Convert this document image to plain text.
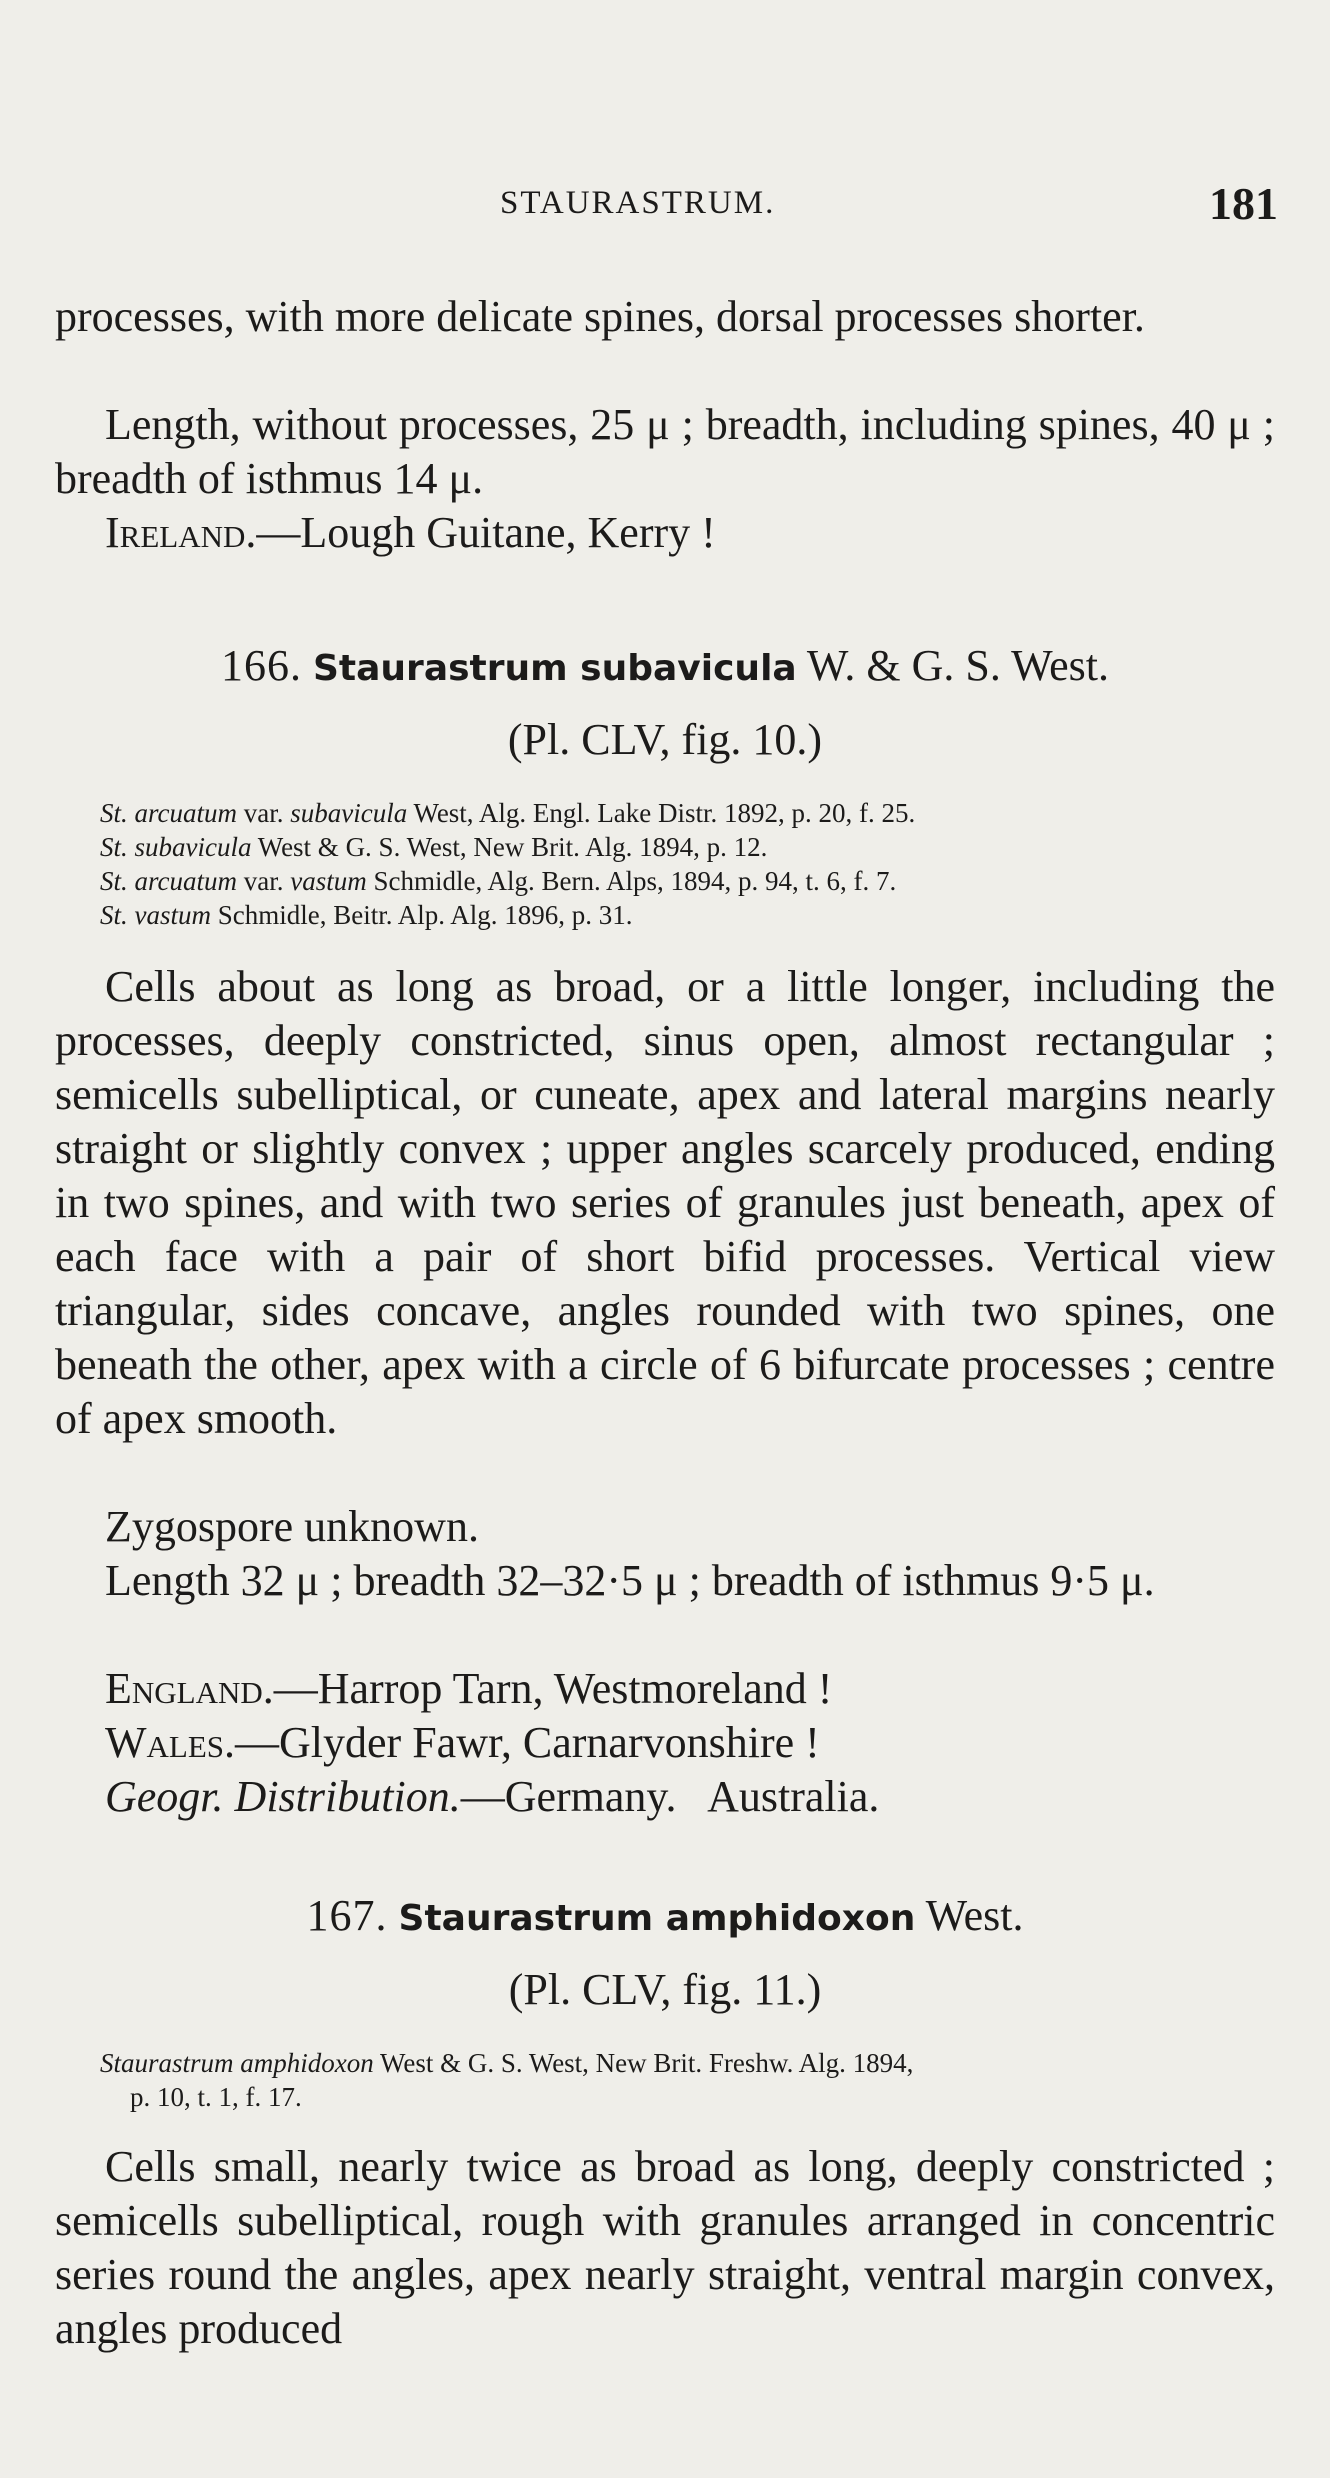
STAURASTRUM.	181

processes, with more delicate spines, dorsal processes shorter.

Length, without processes, 25 μ ; breadth, including spines, 40 μ ; breadth of isthmus 14 μ.

Ireland.—Lough Guitane, Kerry !

166. Staurastrum subavicula W. & G. S. West.
(Pl. CLV, fig. 10.)
St. arcuatum var. subavicula West, Alg. Engl. Lake Distr. 1892, p. 20, f. 25.
St. subavicula West & G. S. West, New Brit. Alg. 1894, p. 12.
St. arcuatum var. vastum Schmidle, Alg. Bern. Alps, 1894, p. 94, t. 6, f. 7.
St. vastum Schmidle, Beitr. Alp. Alg. 1896, p. 31.

Cells about as long as broad, or a little longer, including the processes, deeply constricted, sinus open, almost rectangular ; semicells subelliptical, or cuneate, apex and lateral margins nearly straight or slightly convex ; upper angles scarcely produced, ending in two spines, and with two series of granules just beneath, apex of each face with a pair of short bifid processes. Vertical view triangular, sides concave, angles rounded with two spines, one beneath the other, apex with a circle of 6 bifurcate processes ; centre of apex smooth.

Zygospore unknown.

Length 32 μ ; breadth 32–32·5 μ ; breadth of isthmus 9·5 μ.

England.—Harrop Tarn, Westmoreland !

Wales.—Glyder Fawr, Carnarvonshire !

Geogr. Distribution.—Germany.   Australia.

167. Staurastrum amphidoxon West.
(Pl. CLV, fig. 11.)
Staurastrum amphidoxon West & G. S. West, New Brit. Freshw. Alg. 1894,
p. 10, t. 1, f. 17.

Cells small, nearly twice as broad as long, deeply constricted ; semicells subelliptical, rough with granules arranged in concentric series round the angles, apex nearly straight, ventral margin convex, angles produced
